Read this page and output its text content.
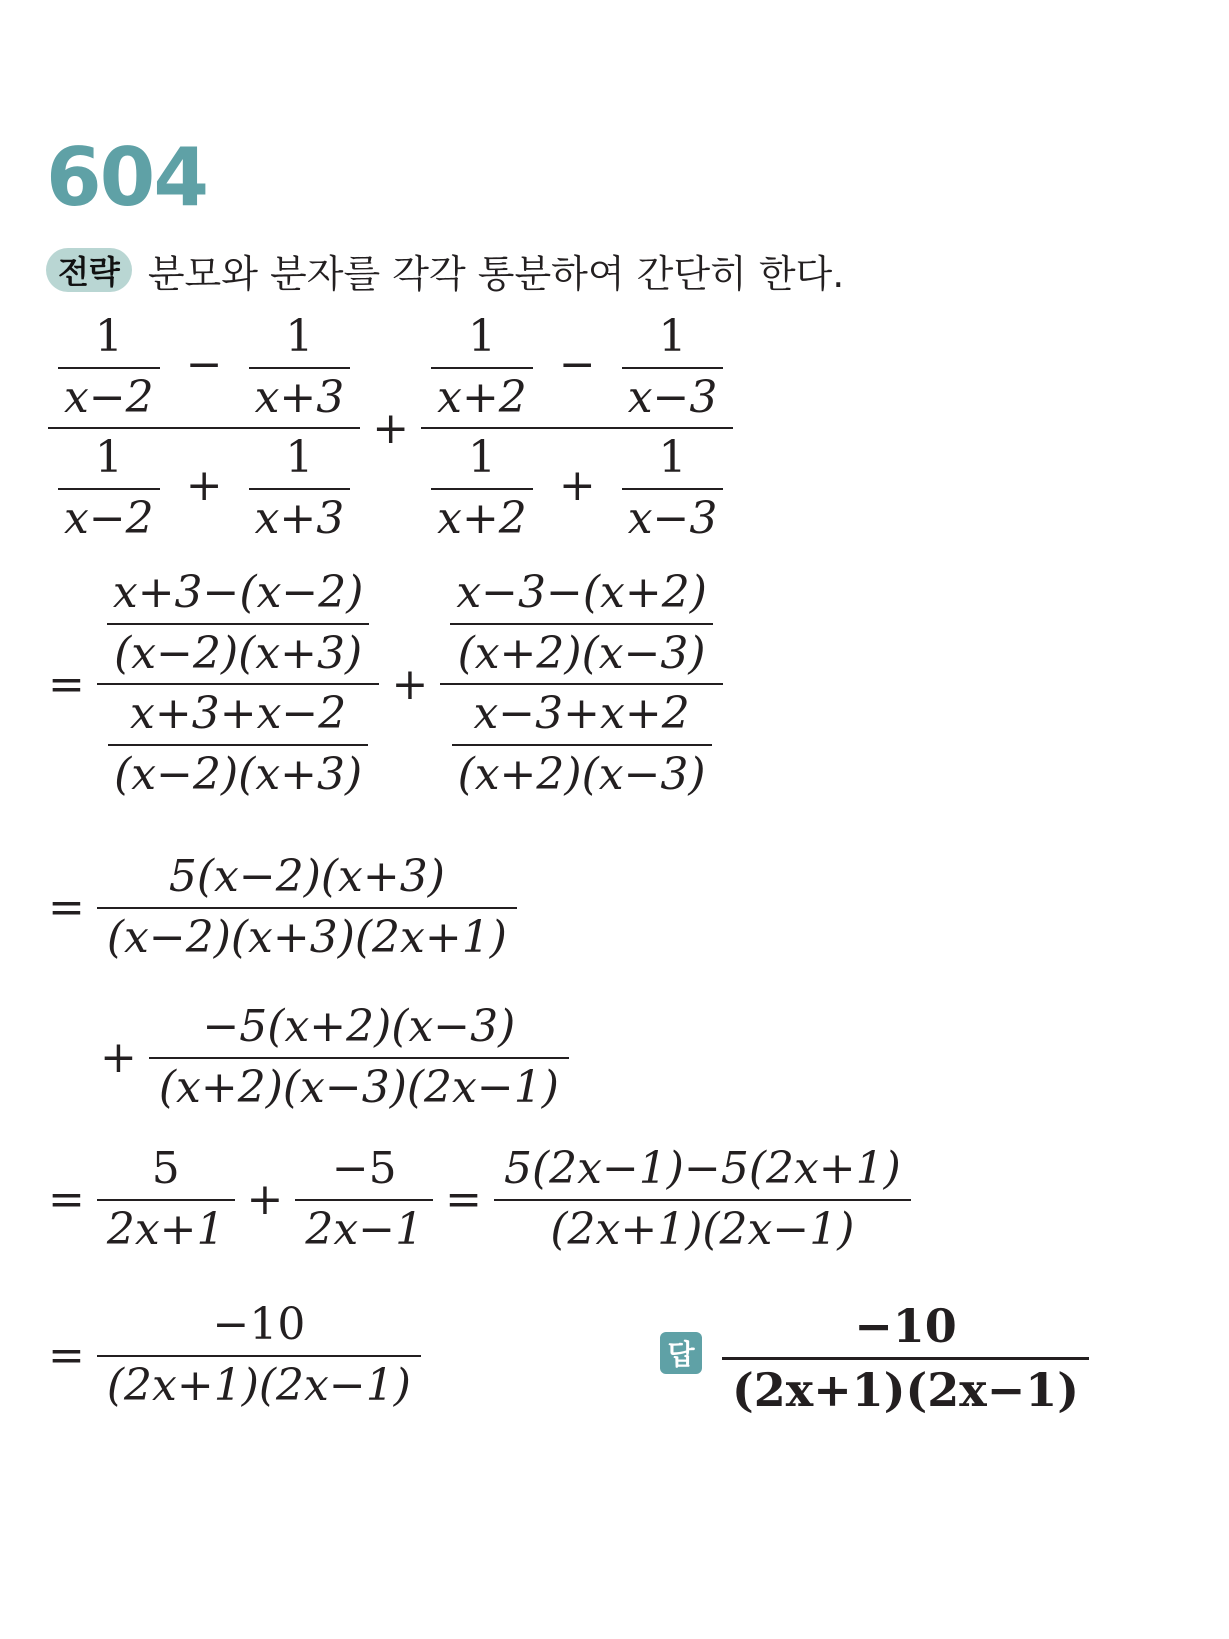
604
전략 분모와 분자를 각각 통분하여 간단히 한다.
$\frac{\frac{1}{x-2} - \frac{1}{x+3}}{\frac{1}{x-2} + \frac{1}{x+3}} + \frac{\frac{1}{x+2} - \frac{1}{x-3}}{\frac{1}{x+2} + \frac{1}{x-3}}$
= $\frac{\frac{x+3-(x-2)}{(x-2)(x+3)}}{\frac{x+3+x-2}{(x-2)(x+3)}} + \frac{\frac{x-3-(x+2)}{(x+2)(x-3)}}{\frac{x-3+x+2}{(x+2)(x-3)}}$
= $\frac{5(x-2)(x+3)}{(x-2)(x+3)(2x+1)}$
+ $\frac{-5(x+2)(x-3)}{(x+2)(x-3)(2x-1)}$
= $\frac{5}{2x+1} + \frac{-5}{2x-1} = \frac{5(2x-1)-5(2x+1)}{(2x+1)(2x-1)}$
= $\frac{-10}{(2x+1)(2x-1)}$	답 $\frac{-10}{(2x+1)(2x-1)}$
